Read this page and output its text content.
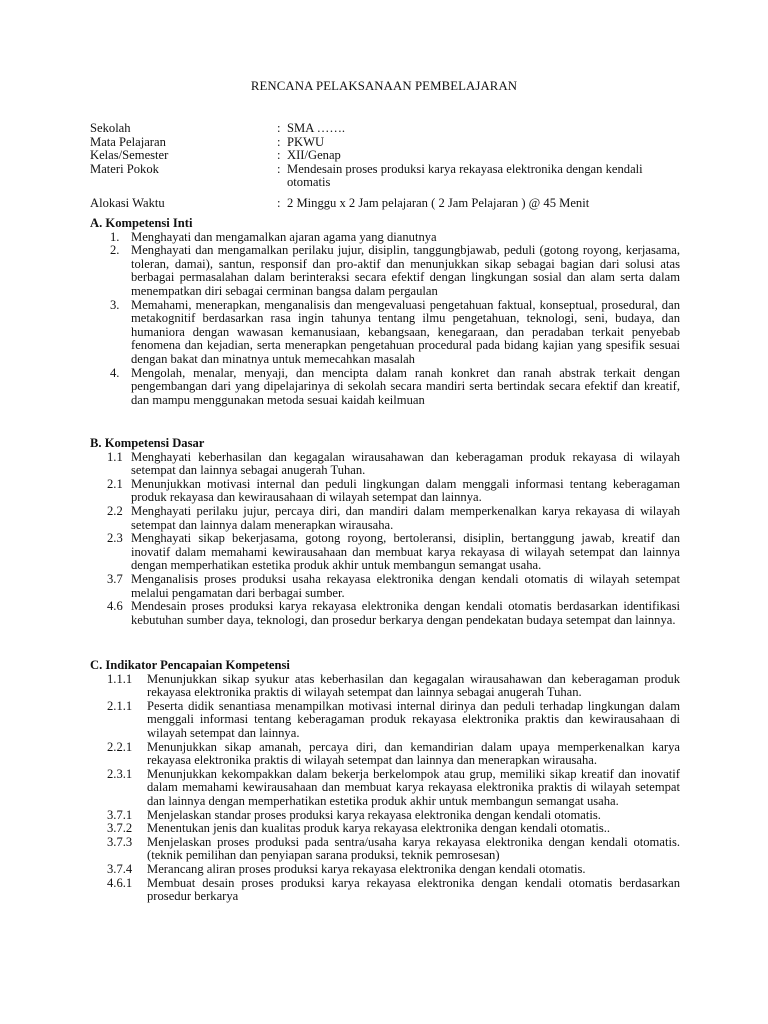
RENCANA PELAKSANAAN PEMBELAJARAN
Sekolah	: SMA …….
Mata Pelajaran	: PKWU
Kelas/Semester	: XII/Genap
Materi Pokok	: Mendesain proses produksi karya rekayasa elektronika dengan kendali otomatis
Alokasi Waktu	: 2 Minggu x 2 Jam pelajaran ( 2 Jam Pelajaran ) @ 45 Menit
A. Kompetensi Inti
1. Menghayati dan mengamalkan ajaran agama yang dianutnya
2. Menghayati dan mengamalkan perilaku jujur, disiplin, tanggungbjawab, peduli (gotong royong, kerjasama, toleran, damai), santun, responsif dan pro-aktif dan menunjukkan sikap sebagai bagian dari solusi atas berbagai permasalahan dalam berinteraksi secara efektif dengan lingkungan sosial dan alam serta dalam menempatkan diri sebagai cerminan bangsa dalam pergaulan
3. Memahami, menerapkan, menganalisis dan mengevaluasi pengetahuan faktual, konseptual, prosedural, dan metakognitif berdasarkan rasa ingin tahunya tentang ilmu pengetahuan, teknologi, seni, budaya, dan humaniora dengan wawasan kemanusiaan, kebangsaan, kenegaraan, dan peradaban terkait penyebab fenomena dan kejadian, serta menerapkan pengetahuan procedural pada bidang kajian yang spesifik sesuai dengan bakat dan minatnya untuk memecahkan masalah
4. Mengolah, menalar, menyaji, dan mencipta dalam ranah konkret dan ranah abstrak terkait dengan pengembangan dari yang dipelajarinya di sekolah secara mandiri serta bertindak secara efektif dan kreatif, dan mampu menggunakan metoda sesuai kaidah keilmuan
B. Kompetensi Dasar
1.1 Menghayati keberhasilan dan kegagalan wirausahawan dan keberagaman produk rekayasa di wilayah setempat dan lainnya sebagai anugerah Tuhan.
2.1 Menunjukkan motivasi internal dan peduli lingkungan dalam menggali informasi tentang keberagaman produk rekayasa dan kewirausahaan di wilayah setempat dan lainnya.
2.2 Menghayati perilaku jujur, percaya diri, dan mandiri dalam memperkenalkan karya rekayasa di wilayah setempat dan lainnya dalam menerapkan wirausaha.
2.3 Menghayati sikap bekerjasama, gotong royong, bertoleransi, disiplin, bertanggung jawab, kreatif dan inovatif dalam memahami kewirausahaan dan membuat karya rekayasa di wilayah setempat dan lainnya dengan memperhatikan estetika produk akhir untuk membangun semangat usaha.
3.7 Menganalisis proses produksi usaha rekayasa elektronika dengan kendali otomatis di wilayah setempat melalui pengamatan dari berbagai sumber.
4.6 Mendesain proses produksi karya rekayasa elektronika dengan kendali otomatis berdasarkan identifikasi kebutuhan sumber daya, teknologi, dan prosedur berkarya dengan pendekatan budaya setempat dan lainnya.
C. Indikator Pencapaian Kompetensi
1.1.1 Menunjukkan sikap syukur atas keberhasilan dan kegagalan wirausahawan dan keberagaman produk rekayasa elektronika praktis di wilayah setempat dan lainnya sebagai anugerah Tuhan.
2.1.1 Peserta didik senantiasa menampilkan motivasi internal dirinya dan peduli terhadap lingkungan dalam menggali informasi tentang keberagaman produk rekayasa elektronika praktis dan kewirausahaan di wilayah setempat dan lainnya.
2.2.1 Menunjukkan sikap amanah, percaya diri, dan kemandirian dalam upaya memperkenalkan karya rekayasa elektronika praktis di wilayah setempat dan lainnya dan menerapkan wirausaha.
2.3.1 Menunjukkan kekompakkan dalam bekerja berkelompok atau grup, memiliki sikap kreatif dan inovatif dalam memahami kewirausahaan dan membuat karya rekayasa elektronika praktis di wilayah setempat dan lainnya dengan memperhatikan estetika produk akhir untuk membangun semangat usaha.
3.7.1 Menjelaskan standar proses produksi karya rekayasa elektronika dengan kendali otomatis.
3.7.2 Menentukan jenis dan kualitas produk karya rekayasa elektronika dengan kendali otomatis..
3.7.3 Menjelaskan proses produksi pada sentra/usaha karya rekayasa elektronika dengan kendali otomatis. (teknik pemilihan dan penyiapan sarana produksi, teknik pemrosesan)
3.7.4 Merancang aliran proses produksi karya rekayasa elektronika dengan kendali otomatis.
4.6.1 Membuat desain proses produksi karya rekayasa elektronika dengan kendali otomatis berdasarkan prosedur berkarya
